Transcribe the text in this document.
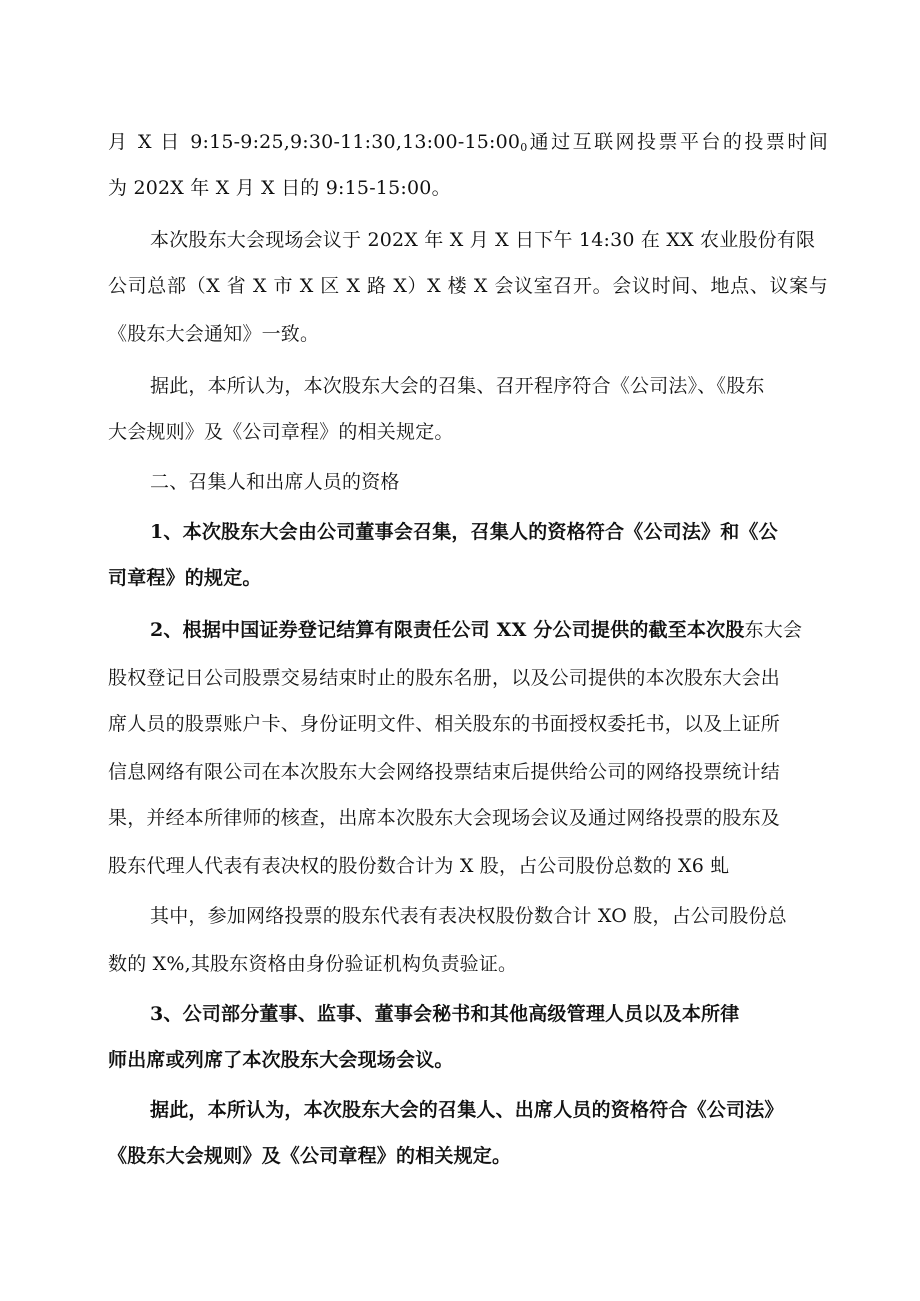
月 X 日 $9:15-9:25,9:30-11:30,13:00-15:00_0$通过互联网投票平台的投票时间
为 202X 年 X 月 X 日的 9:15-15:00。
本次股东大会现场会议于 202X 年 X 月 X 日下午 14:30 在 XX 农业股份有限
公司总部（X 省 X 市 X 区 X 路 X）X 楼 X 会议室召开。会议时间、地点、议案与
《股东大会通知》一致。
据此，本所认为，本次股东大会的召集、召开程序符合《公司法》、《股东
大会规则》及《公司章程》的相关规定。
二、召集人和出席人员的资格
1、本次股东大会由公司董事会召集，召集人的资格符合《公司法》和《公
司章程》的规定。
2、根据中国证券登记结算有限责任公司 XX 分公司提供的截至本次股东大会
股权登记日公司股票交易结束时止的股东名册，以及公司提供的本次股东大会出
席人员的股票账户卡、身份证明文件、相关股东的书面授权委托书，以及上证所
信息网络有限公司在本次股东大会网络投票结束后提供给公司的网络投票统计结
果，并经本所律师的核查，出席本次股东大会现场会议及通过网络投票的股东及
股东代理人代表有表决权的股份数合计为 X 股，占公司股份总数的 X6 虬
其中，参加网络投票的股东代表有表决权股份数合计 XO 股，占公司股份总
数的 X%,其股东资格由身份验证机构负责验证。
3、公司部分董事、监事、董事会秘书和其他高级管理人员以及本所律
师出席或列席了本次股东大会现场会议。
据此，本所认为，本次股东大会的召集人、出席人员的资格符合《公司法》
《股东大会规则》及《公司章程》的相关规定。
